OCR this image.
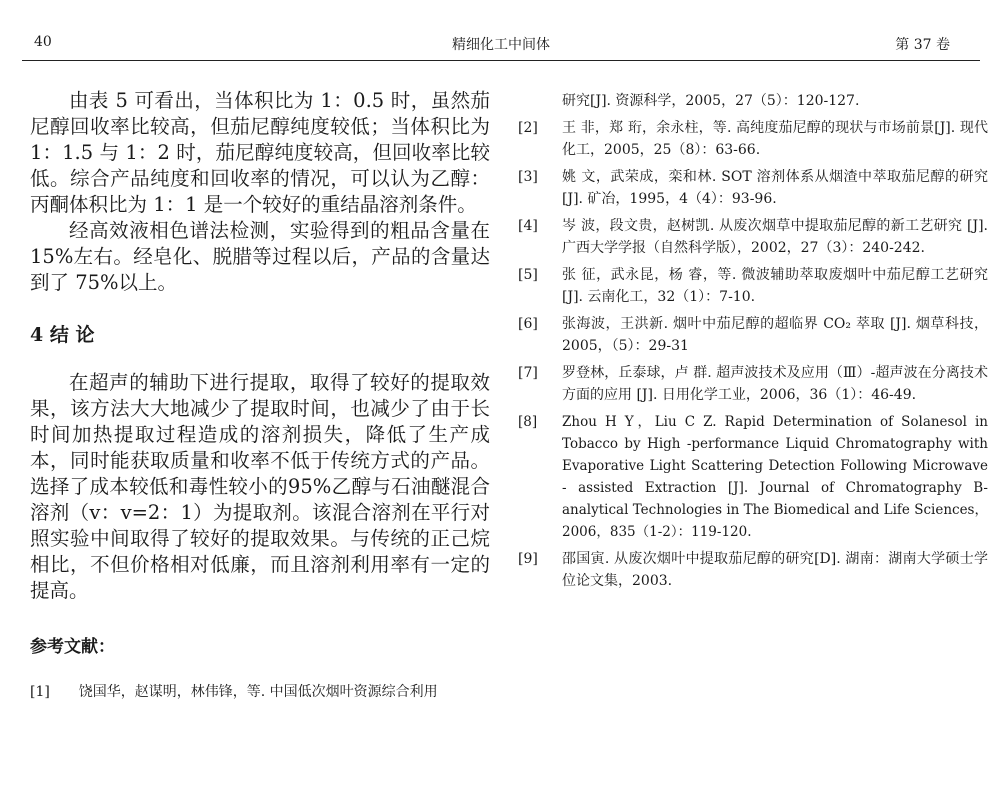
40	精细化工中间体	第 37 卷

由表 5 可看出，当体积比为 1：0.5 时，虽然茄尼醇回收率比较高，但茄尼醇纯度较低；当体积比为1：1.5 与 1：2 时，茄尼醇纯度较高，但回收率比较低。综合产品纯度和回收率的情况，可以认为乙醇：丙酮体积比为 1：1 是一个较好的重结晶溶剂条件。

经高效液相色谱法检测，实验得到的粗品含量在15%左右。经皂化、脱腊等过程以后，产品的含量达到了 75%以上。

4 结 论

在超声的辅助下进行提取，取得了较好的提取效果，该方法大大地减少了提取时间，也减少了由于长时间加热提取过程造成的溶剂损失，降低了生产成本，同时能获取质量和收率不低于传统方式的产品。选择了成本较低和毒性较小的95%乙醇与石油醚混合溶剂（v：v=2：1）为提取剂。该混合溶剂在平行对照实验中间取得了较好的提取效果。与传统的正己烷相比，不但价格相对低廉，而且溶剂利用率有一定的提高。

参考文献：
[1] 饶国华，赵谋明，林伟锋，等. 中国低次烟叶资源综合利用
研究[J]. 资源科学，2005，27（5）：120-127.
[2] 王 非，郑 珩，余永柱，等. 高纯度茄尼醇的现状与市场前景[J]. 现代化工，2005，25（8）：63-66.
[3] 姚 文，武荣成，栾和林. SOT 溶剂体系从烟渣中萃取茄尼醇的研究[J]. 矿冶，1995，4（4）：93-96.
[4] 岑 波，段文贵，赵树凯. 从废次烟草中提取茄尼醇的新工艺研究 [J]. 广西大学学报（自然科学版），2002，27（3）：240-242.
[5] 张 征，武永昆，杨 睿，等. 微波辅助萃取废烟叶中茄尼醇工艺研究[J]. 云南化工，32（1）：7-10.
[6] 张海波，王洪新. 烟叶中茄尼醇的超临界 CO₂ 萃取 [J]. 烟草科技，2005，（5）：29-31
[7] 罗登林，丘泰球，卢 群. 超声波技术及应用（Ⅲ）-超声波在分离技术方面的应用 [J]. 日用化学工业，2006，36（1）：46-49.
[8] Zhou H Y，Liu C Z. Rapid Determination of Solanesol in Tobacco by High -performance Liquid Chromatography with Evaporative Light Scattering Detection Following Microwave - assisted Extraction [J]. Journal of Chromatography B-analytical Technologies in The Biomedical and Life Sciences，2006，835（1-2）：119-120.
[9] 邵国寅. 从废次烟叶中提取茄尼醇的研究[D]. 湖南：湖南大学硕士学位论文集，2003.
